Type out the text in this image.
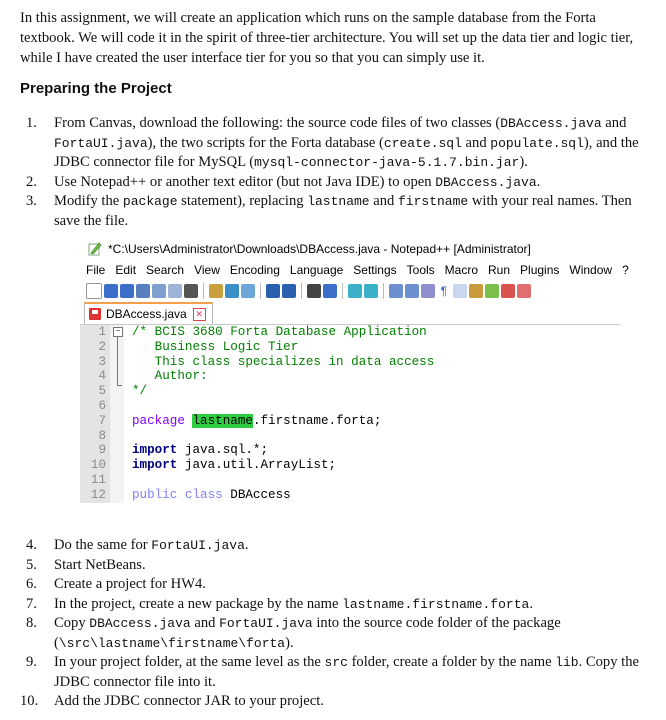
In this assignment, we will create an application which runs on the sample database from the Forta textbook. We will code it in the spirit of three-tier architecture. You will set up the data tier and logic tier, while I have created the user interface tier for you so that you can simply use it.

Preparing the Project
1. From Canvas, download the following: the source code files of two classes (DBAccess.java and FortaUI.java), the two scripts for the Forta database (create.sql and populate.sql), and the JDBC connector file for MySQL (mysql-connector-java-5.1.7.bin.jar).
2. Use Notepad++ or another text editor (but not Java IDE) to open DBAccess.java.
3. Modify the package statement), replacing lastname and firstname with your real names. Then save the file.
*C:\Users\Administrator\Downloads\DBAccess.java - Notepad++ [Administrator]
File Edit Search View Encoding Language Settings Tools Macro Run Plugins Window ?
¶
DBAccess.java ✕
1
2
3
4
5
6
7
8
9
10
11
12
− /* BCIS 3680 Forta Database Application
Business Logic Tier
This class specializes in data access
Author:
*/
package lastname.firstname.forta;
import java.sql.*;
import java.util.ArrayList;
public class DBAccess
4. Do the same for FortaUI.java.
5. Start NetBeans.
6. Create a project for HW4.
7. In the project, create a new package by the name lastname.firstname.forta.
8. Copy DBAccess.java and FortaUI.java into the source code folder of the package (\src\lastname\firstname\forta).
9. In your project folder, at the same level as the src folder, create a folder by the name lib. Copy the JDBC connector file into it.
10. Add the JDBC connector JAR to your project.
